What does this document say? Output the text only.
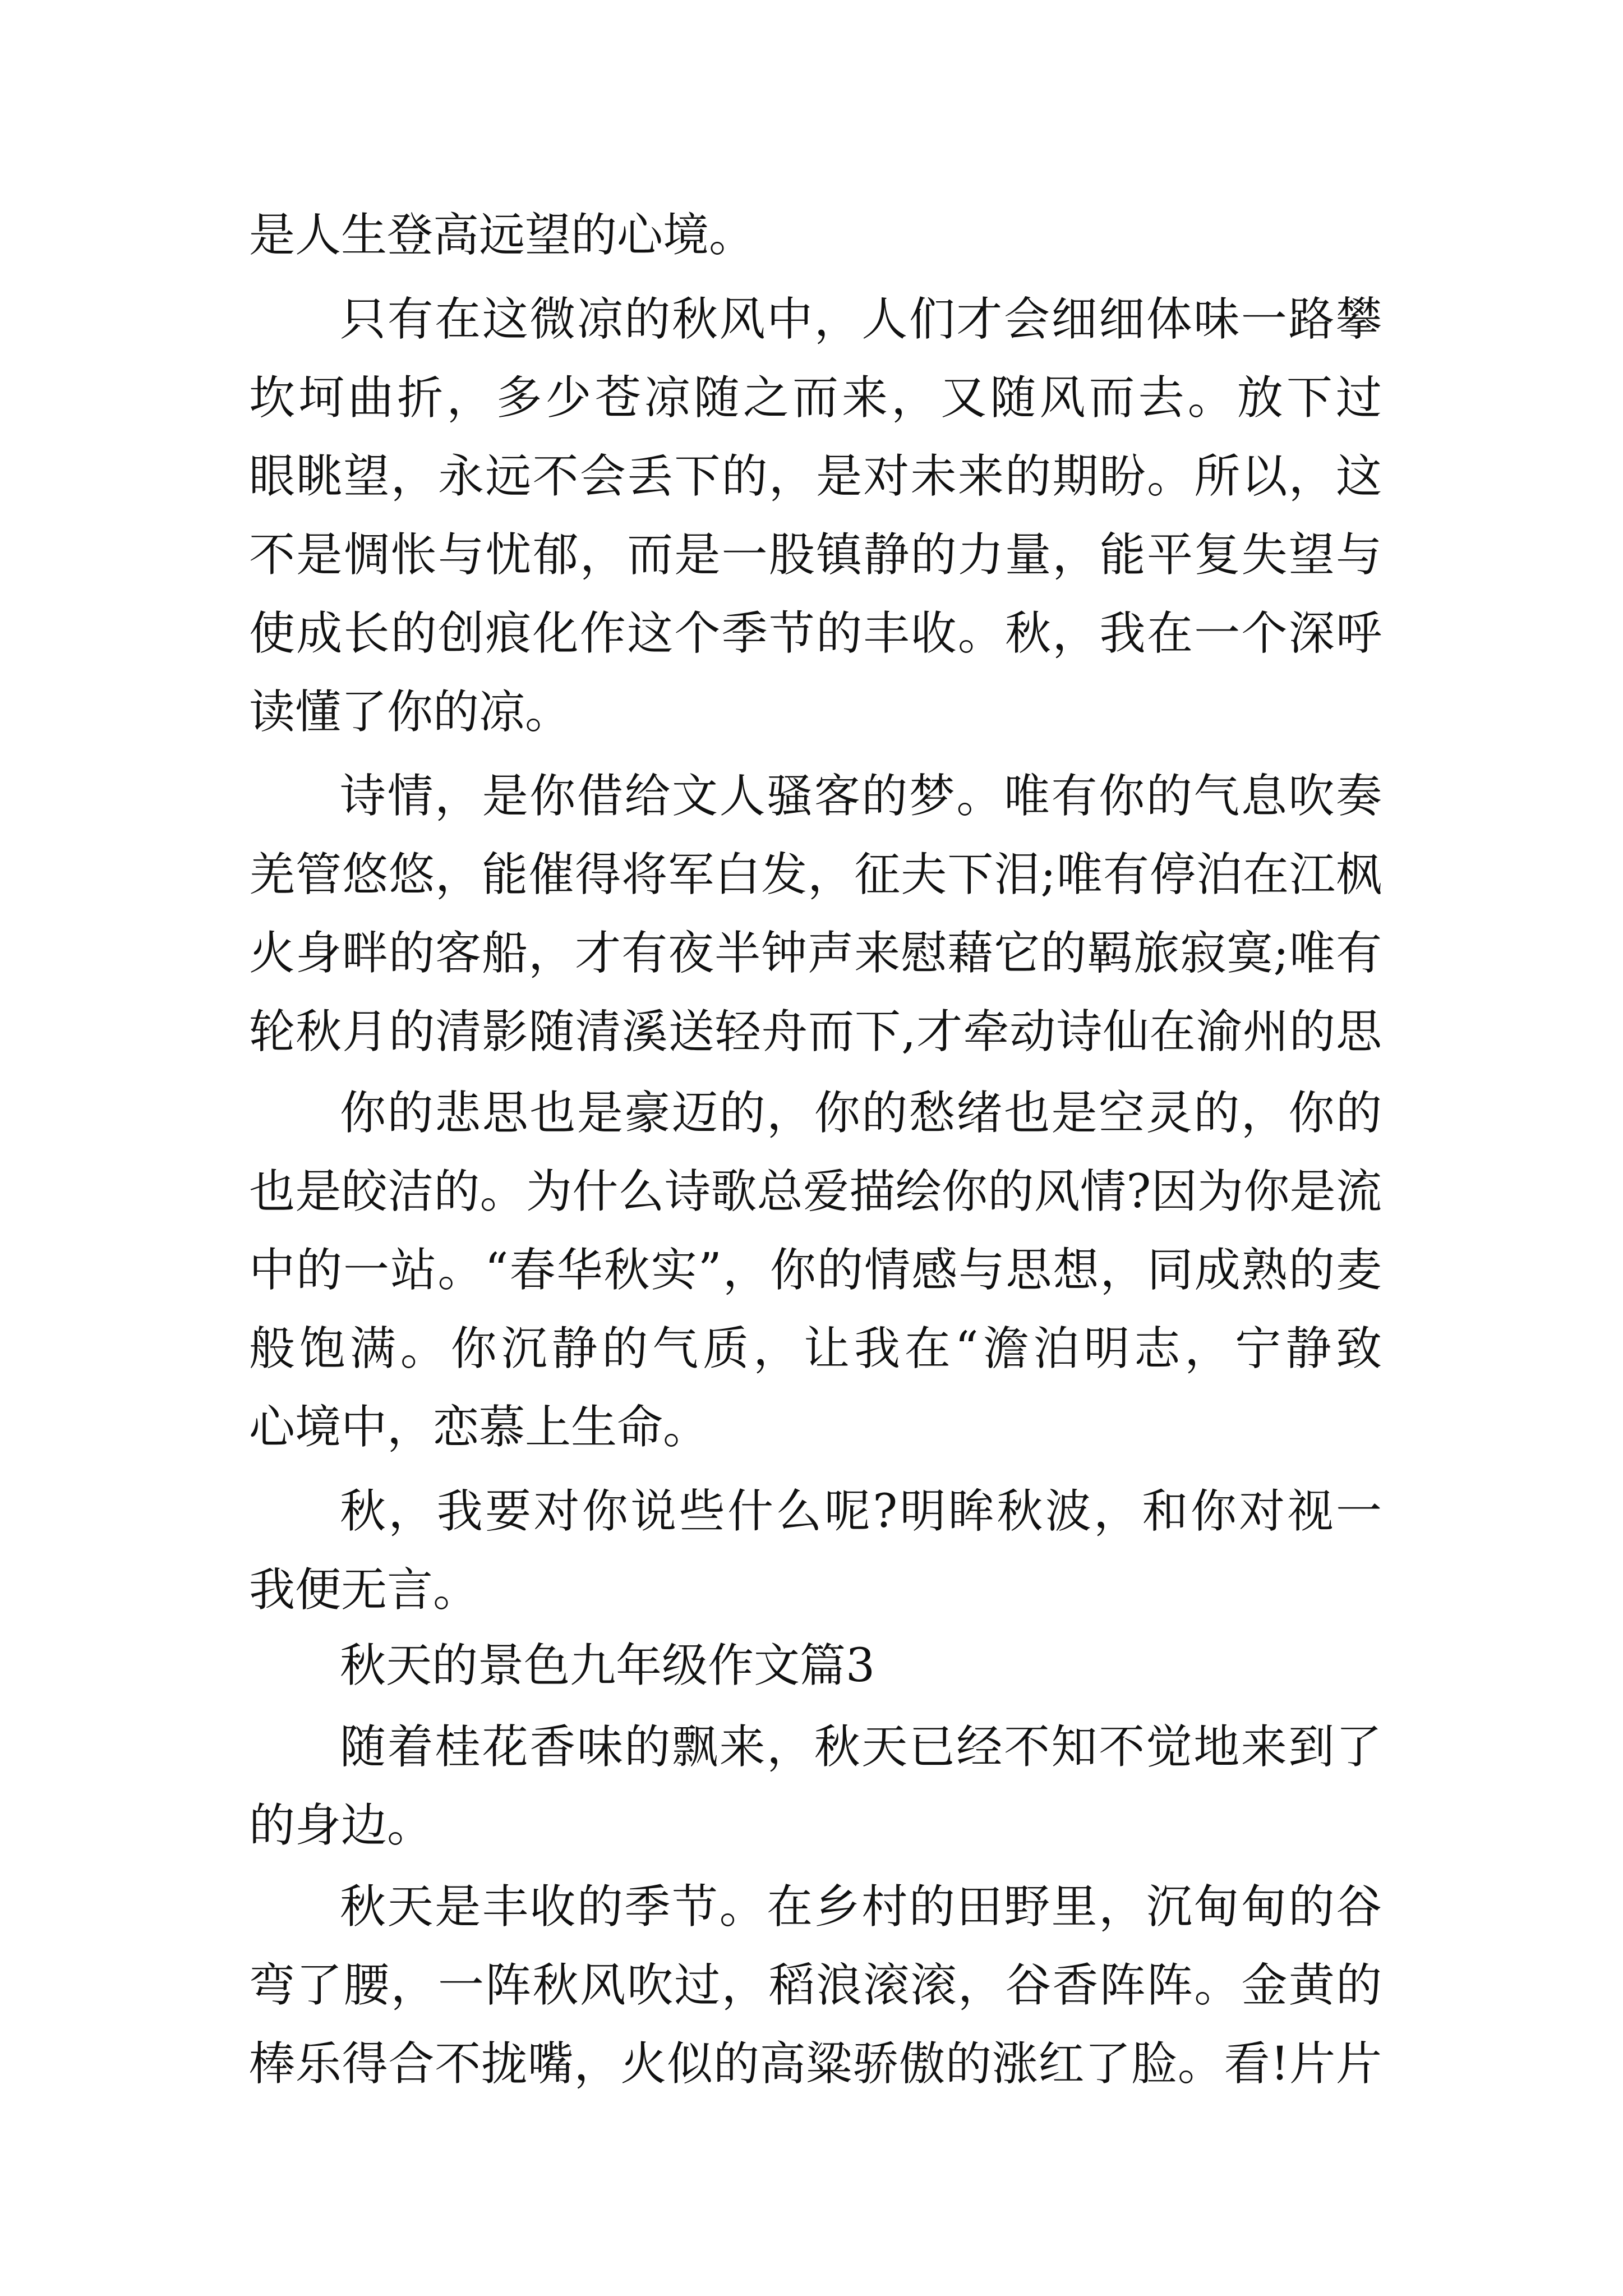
是人生登高远望的心境。
只有在这微凉的秋风中，人们才会细细体味一路攀
坎坷曲折，多少苍凉随之而来，又随风而去。放下过
眼眺望，永远不会丢下的，是对未来的期盼。所以，这
不是惆怅与忧郁，而是一股镇静的力量，能平复失望与
使成长的创痕化作这个季节的丰收。秋，我在一个深呼
读懂了你的凉。
诗情，是你借给文人骚客的梦。唯有你的气息吹奏
羌管悠悠，能催得将军白发，征夫下泪;唯有停泊在江枫
火身畔的客船，才有夜半钟声来慰藉它的羁旅寂寞;唯有
轮秋月的清影随清溪送轻舟而下,才牵动诗仙在渝州的思
你的悲思也是豪迈的，你的愁绪也是空灵的，你的
也是皎洁的。为什么诗歌总爱描绘你的风情?因为你是流
中的一站。“春华秋实”，你的情感与思想，同成熟的麦
般饱满。你沉静的气质，让我在“澹泊明志，宁静致
心境中，恋慕上生命。
秋，我要对你说些什么呢?明眸秋波，和你对视一
我便无言。
秋天的景色九年级作文篇3
随着桂花香味的飘来，秋天已经不知不觉地来到了
的身边。
秋天是丰收的季节。在乡村的田野里，沉甸甸的谷
弯了腰，一阵秋风吹过，稻浪滚滚，谷香阵阵。金黄的
棒乐得合不拢嘴，火似的高粱骄傲的涨红了脸。看!片片
